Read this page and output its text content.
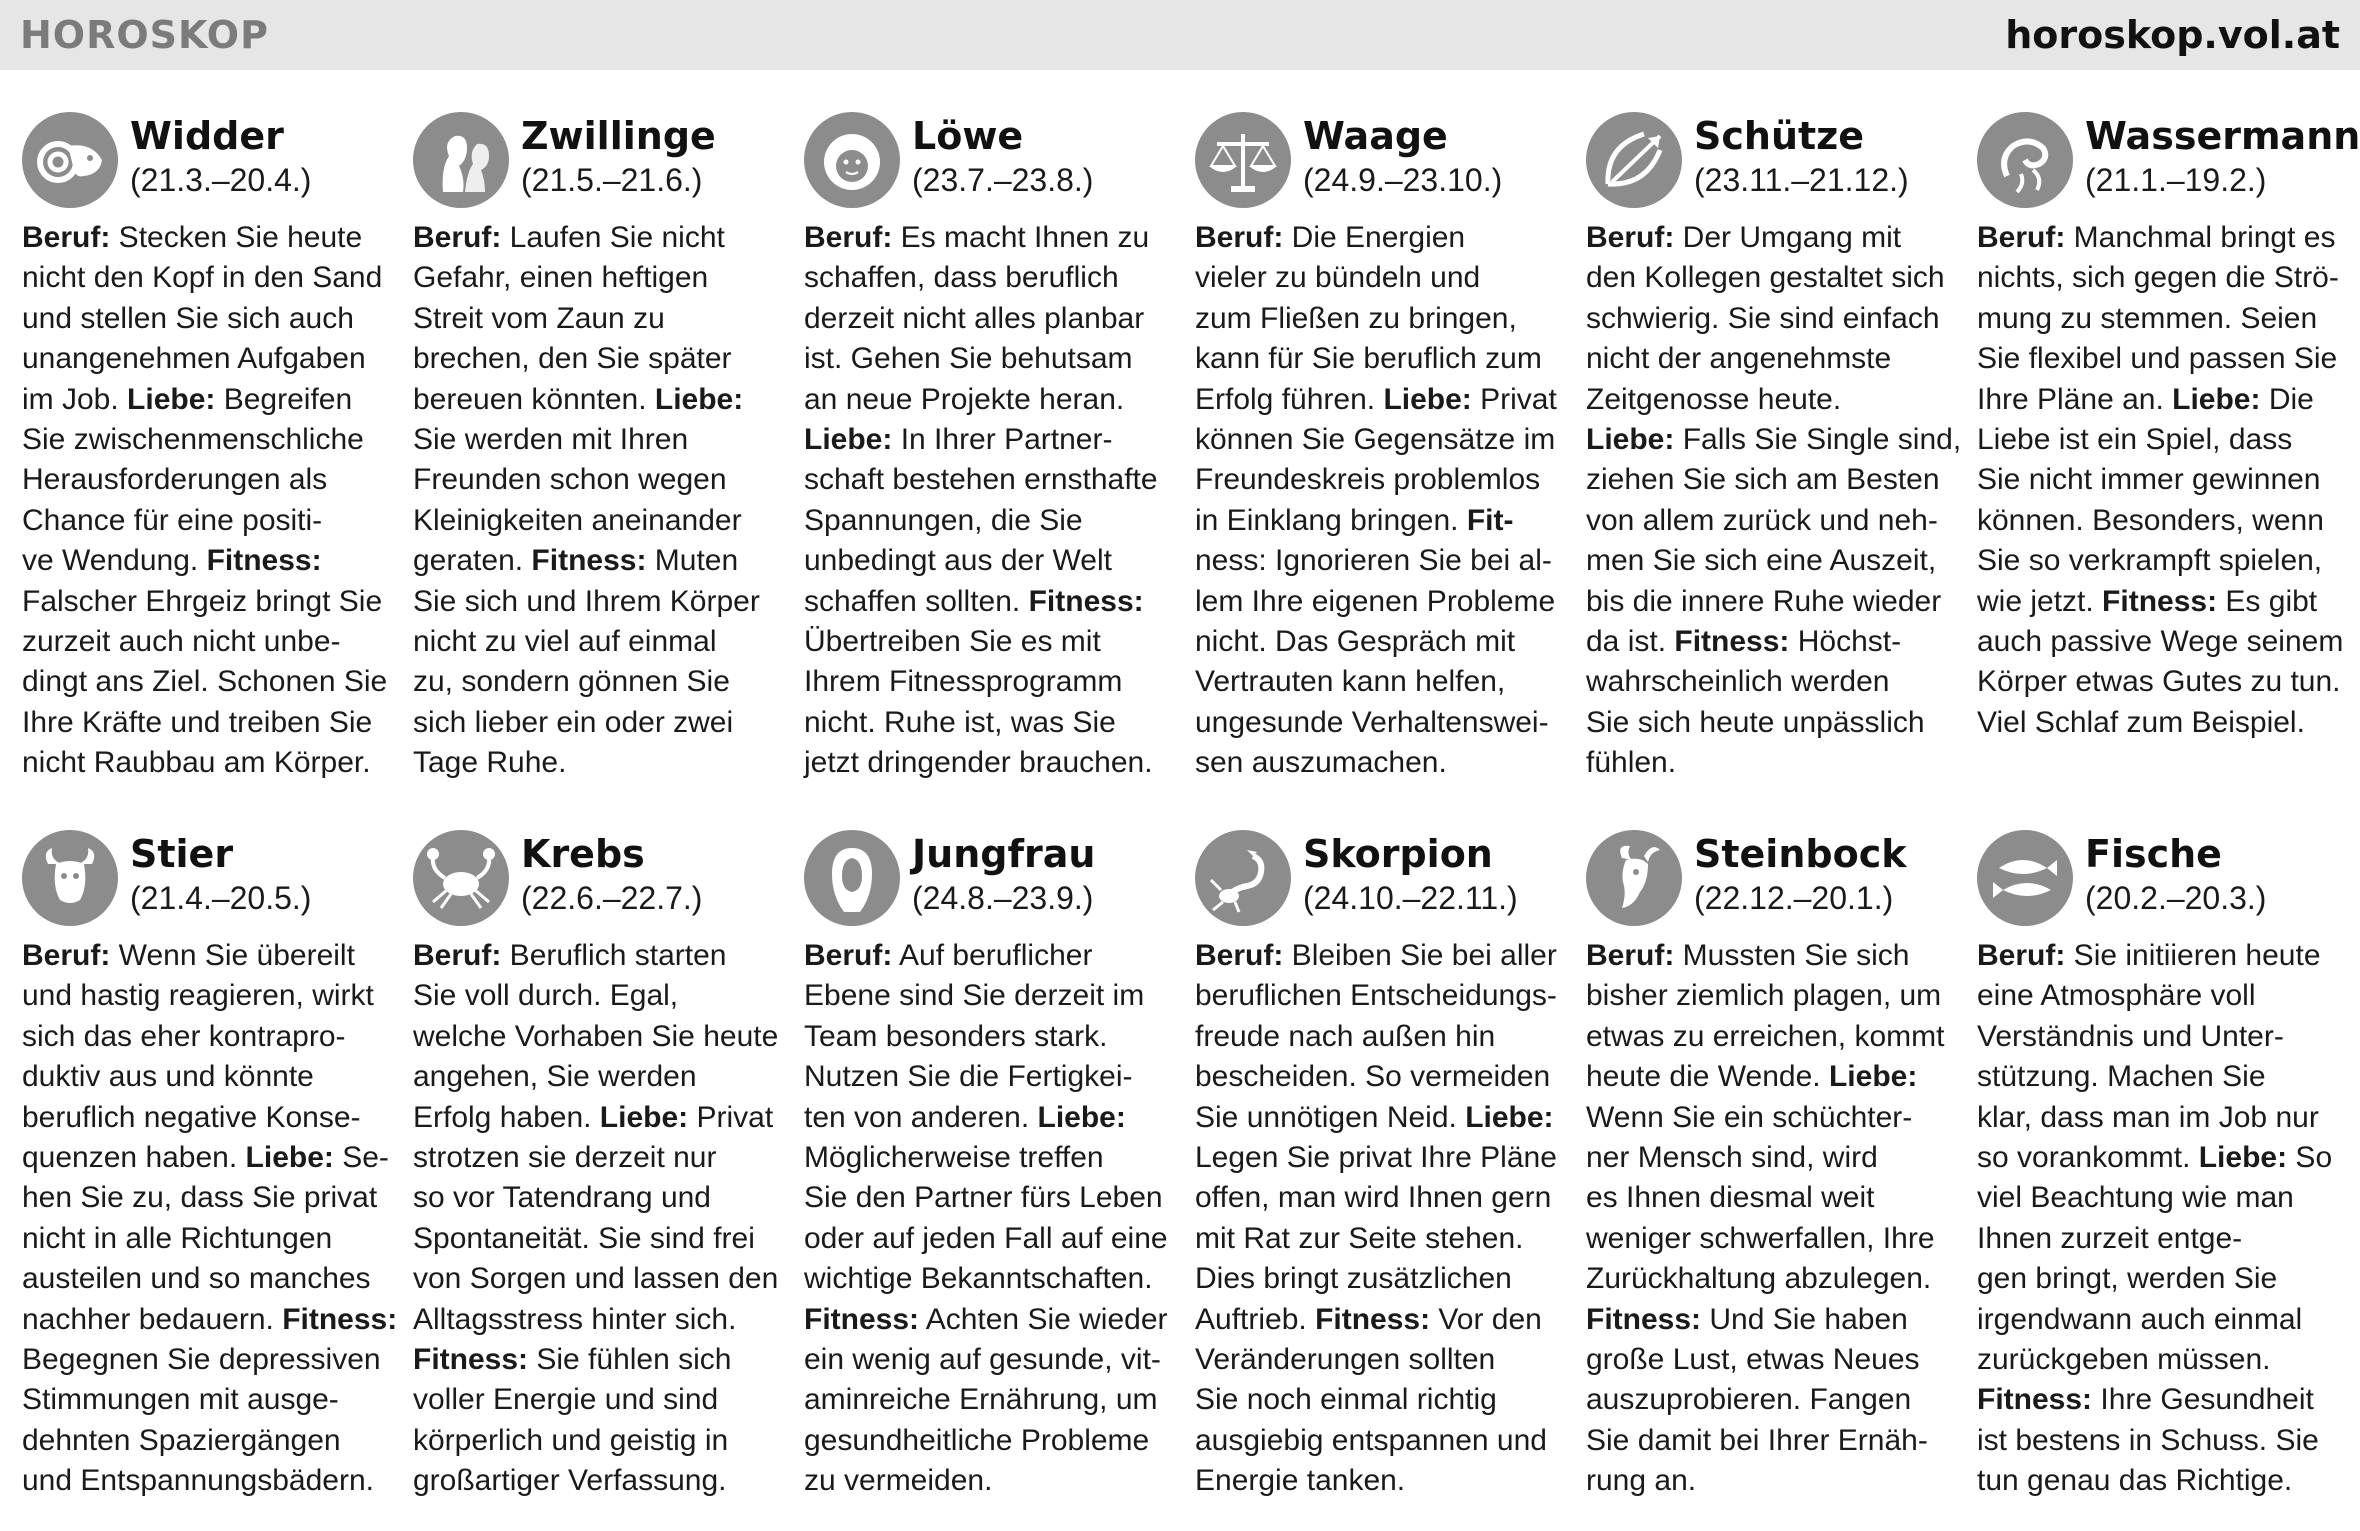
HOROSKOP	horoskop.vol.at
Widder
(21.3.–20.4.)
Beruf: Stecken Sie heute
nicht den Kopf in den Sand
und stellen Sie sich auch
unangenehmen Aufgaben
im Job. Liebe: Begreifen
Sie zwischenmenschliche
Herausforderungen als
Chance für eine positi-
ve Wendung. Fitness:
Falscher Ehrgeiz bringt Sie
zurzeit auch nicht unbe-
dingt ans Ziel. Schonen Sie
Ihre Kräfte und treiben Sie
nicht Raubbau am Körper.
Zwillinge
(21.5.–21.6.)
Beruf: Laufen Sie nicht
Gefahr, einen heftigen
Streit vom Zaun zu
brechen, den Sie später
bereuen könnten. Liebe:
Sie werden mit Ihren
Freunden schon wegen
Kleinigkeiten aneinander
geraten. Fitness: Muten
Sie sich und Ihrem Körper
nicht zu viel auf einmal
zu, sondern gönnen Sie
sich lieber ein oder zwei
Tage Ruhe.
Löwe
(23.7.–23.8.)
Beruf: Es macht Ihnen zu
schaffen, dass beruflich
derzeit nicht alles planbar
ist. Gehen Sie behutsam
an neue Projekte heran.
Liebe: In Ihrer Partner-
schaft bestehen ernsthafte
Spannungen, die Sie
unbedingt aus der Welt
schaffen sollten. Fitness:
Übertreiben Sie es mit
Ihrem Fitnessprogramm
nicht. Ruhe ist, was Sie
jetzt dringender brauchen.
Waage
(24.9.–23.10.)
Beruf: Die Energien
vieler zu bündeln und
zum Fließen zu bringen,
kann für Sie beruflich zum
Erfolg führen. Liebe: Privat
können Sie Gegensätze im
Freundeskreis problemlos
in Einklang bringen. Fit-
ness: Ignorieren Sie bei al-
lem Ihre eigenen Probleme
nicht. Das Gespräch mit
Vertrauten kann helfen,
ungesunde Verhaltenswei-
sen auszumachen.
Schütze
(23.11.–21.12.)
Beruf: Der Umgang mit
den Kollegen gestaltet sich
schwierig. Sie sind einfach
nicht der angenehmste
Zeitgenosse heute.
Liebe: Falls Sie Single sind,
ziehen Sie sich am Besten
von allem zurück und neh-
men Sie sich eine Auszeit,
bis die innere Ruhe wieder
da ist. Fitness: Höchst-
wahrscheinlich werden
Sie sich heute unpässlich
fühlen.
Wassermann
(21.1.–19.2.)
Beruf: Manchmal bringt es
nichts, sich gegen die Strö-
mung zu stemmen. Seien
Sie flexibel und passen Sie
Ihre Pläne an. Liebe: Die
Liebe ist ein Spiel, dass
Sie nicht immer gewinnen
können. Besonders, wenn
Sie so verkrampft spielen,
wie jetzt. Fitness: Es gibt
auch passive Wege seinem
Körper etwas Gutes zu tun.
Viel Schlaf zum Beispiel.
Stier
(21.4.–20.5.)
Beruf: Wenn Sie übereilt
und hastig reagieren, wirkt
sich das eher kontrapro-
duktiv aus und könnte
beruflich negative Konse-
quenzen haben. Liebe: Se-
hen Sie zu, dass Sie privat
nicht in alle Richtungen
austeilen und so manches
nachher bedauern. Fitness:
Begegnen Sie depressiven
Stimmungen mit ausge-
dehnten Spaziergängen
und Entspannungsbädern.
Krebs
(22.6.–22.7.)
Beruf: Beruflich starten
Sie voll durch. Egal,
welche Vorhaben Sie heute
angehen, Sie werden
Erfolg haben. Liebe: Privat
strotzen sie derzeit nur
so vor Tatendrang und
Spontaneität. Sie sind frei
von Sorgen und lassen den
Alltagsstress hinter sich.
Fitness: Sie fühlen sich
voller Energie und sind
körperlich und geistig in
großartiger Verfassung.
Jungfrau
(24.8.–23.9.)
Beruf: Auf beruflicher
Ebene sind Sie derzeit im
Team besonders stark.
Nutzen Sie die Fertigkei-
ten von anderen. Liebe:
Möglicherweise treffen
Sie den Partner fürs Leben
oder auf jeden Fall auf eine
wichtige Bekanntschaften.
Fitness: Achten Sie wieder
ein wenig auf gesunde, vit-
aminreiche Ernährung, um
gesundheitliche Probleme
zu vermeiden.
Skorpion
(24.10.–22.11.)
Beruf: Bleiben Sie bei aller
beruflichen Entscheidungs-
freude nach außen hin
bescheiden. So vermeiden
Sie unnötigen Neid. Liebe:
Legen Sie privat Ihre Pläne
offen, man wird Ihnen gern
mit Rat zur Seite stehen.
Dies bringt zusätzlichen
Auftrieb. Fitness: Vor den
Veränderungen sollten
Sie noch einmal richtig
ausgiebig entspannen und
Energie tanken.
Steinbock
(22.12.–20.1.)
Beruf: Mussten Sie sich
bisher ziemlich plagen, um
etwas zu erreichen, kommt
heute die Wende. Liebe:
Wenn Sie ein schüchter-
ner Mensch sind, wird
es Ihnen diesmal weit
weniger schwerfallen, Ihre
Zurückhaltung abzulegen.
Fitness: Und Sie haben
große Lust, etwas Neues
auszuprobieren. Fangen
Sie damit bei Ihrer Ernäh-
rung an.
Fische
(20.2.–20.3.)
Beruf: Sie initiieren heute
eine Atmosphäre voll
Verständnis und Unter-
stützung. Machen Sie
klar, dass man im Job nur
so vorankommt. Liebe: So
viel Beachtung wie man
Ihnen zurzeit entge-
gen bringt, werden Sie
irgendwann auch einmal
zurückgeben müssen.
Fitness: Ihre Gesundheit
ist bestens in Schuss. Sie
tun genau das Richtige.
